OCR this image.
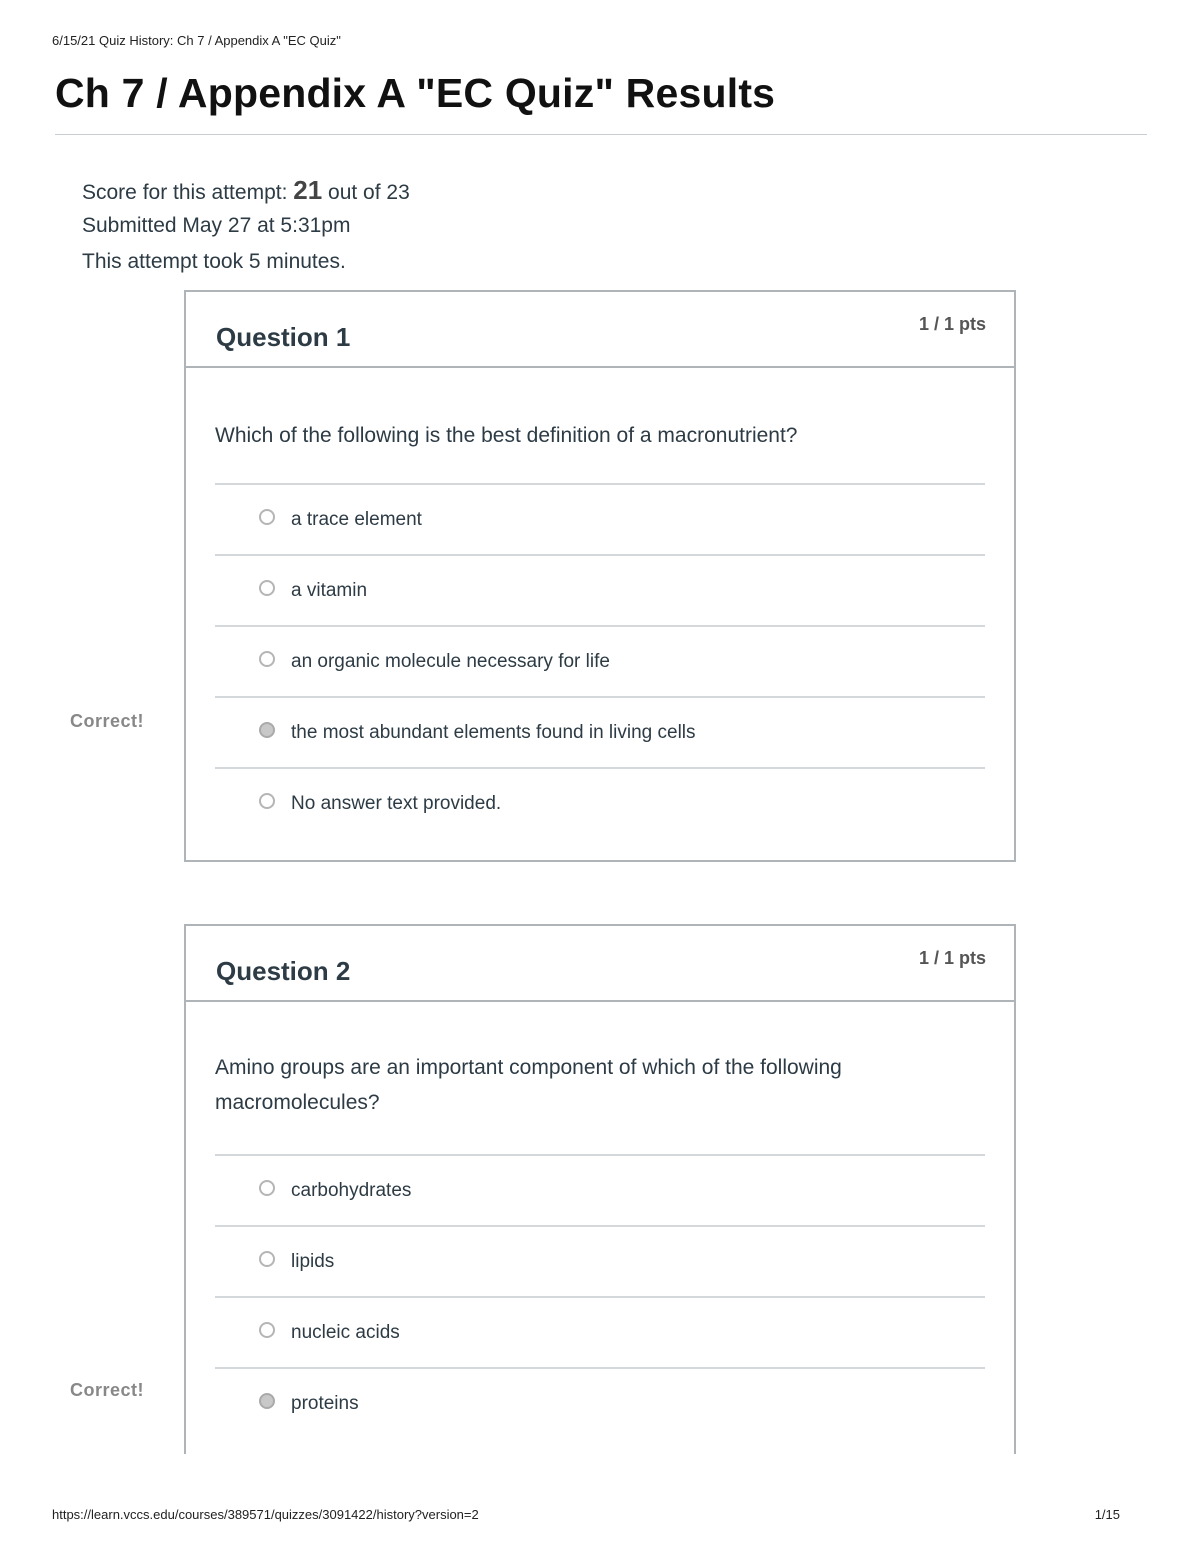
6/15/21 Quiz History: Ch 7 / Appendix A "EC Quiz"
Ch 7 / Appendix A "EC Quiz" Results
Score for this attempt: 21 out of 23
Submitted May 27 at 5:31pm
This attempt took 5 minutes.
Question 1	1 / 1 pts
Which of the following is the best definition of a macronutrient?
a trace element
a vitamin
an organic molecule necessary for life
the most abundant elements found in living cells
No answer text provided.
Correct!
Question 2	1 / 1 pts
Amino groups are an important component of which of the following macromolecules?
carbohydrates
lipids
nucleic acids
proteins
Correct!
https://learn.vccs.edu/courses/389571/quizzes/3091422/history?version=2	1/15
